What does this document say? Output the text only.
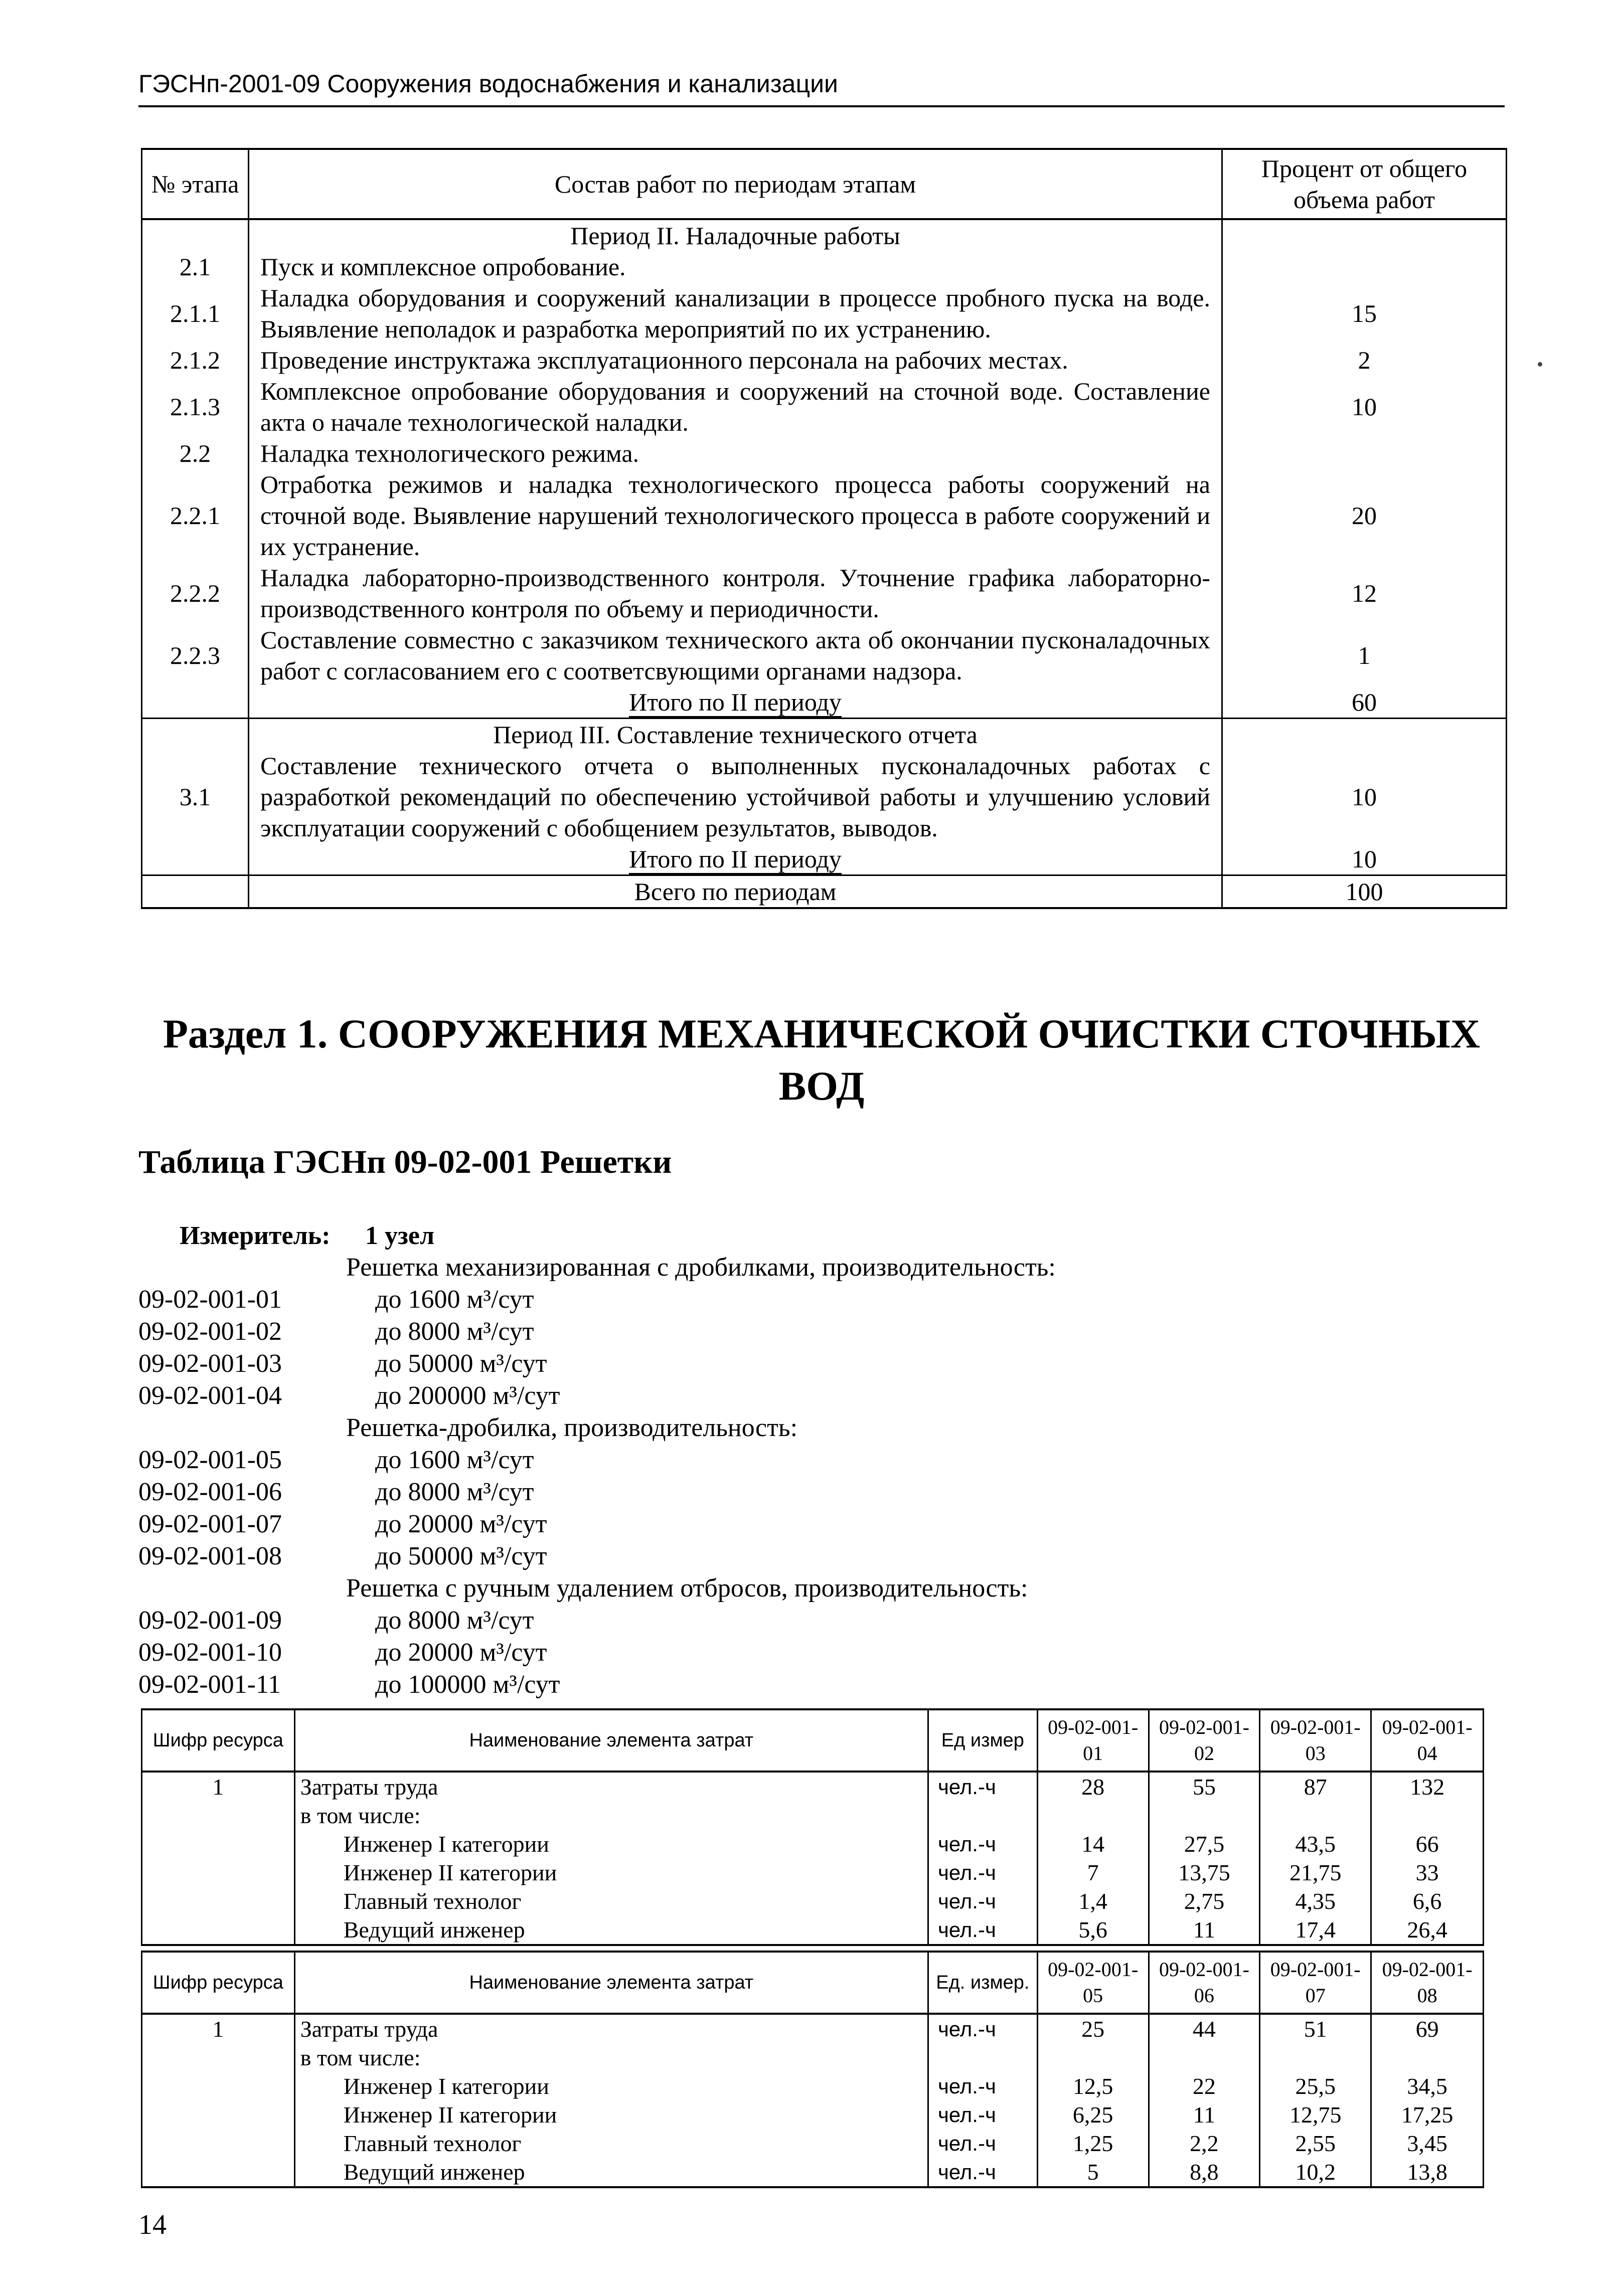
ГЭСНп-2001-09 Сооружения водоснабжения и канализации
№ этапа	Состав работ по периодам этапам	Процент от общего объема работ
	Период II. Наладочные работы	
2.1	Пуск и комплексное опробование.	
2.1.1	Наладка оборудования и сооружений канализации в процессе пробного пуска на воде. Выявление неполадок и разработка мероприятий по их устранению.	15
2.1.2	Проведение инструктажа эксплуатационного персонала на рабочих местах.	2
2.1.3	Комплексное опробование оборудования и сооружений на сточной воде. Составление акта о начале технологической наладки.	10
2.2	Наладка технологического режима.	
2.2.1	Отработка режимов и наладка технологического процесса работы сооружений на сточной воде. Выявление нарушений технологического процесса в работе сооружений и их устранение.	20
2.2.2	Наладка лабораторно-производственного контроля. Уточнение графика лабораторно-производственного контроля по объему и периодичности.	12
2.2.3	Составление совместно с заказчиком технического акта об окончании пусконаладочных работ с согласованием его с соответсвующими органами надзора.	1
	Итого по II периоду	60
	Период III. Составление технического отчета	
3.1	Составление технического отчета о выполненных пусконаладочных работах с разработкой рекомендаций по обеспечению устойчивой работы и улучшению условий эксплуатации сооружений с обобщением результатов, выводов.	10
	Итого по II периоду	10
	Всего по периодам	100
Раздел 1. СООРУЖЕНИЯ МЕХАНИЧЕСКОЙ ОЧИСТКИ СТОЧНЫХ ВОД
Таблица ГЭСНп 09-02-001 Решетки
Измеритель: 1 узел
Решетка механизированная с дробилками, производительность:
09-02-001-01	до 1600 м³/сут
09-02-001-02	до 8000 м³/сут
09-02-001-03	до 50000 м³/сут
09-02-001-04	до 200000 м³/сут
Решетка-дробилка, производительность:
09-02-001-05	до 1600 м³/сут
09-02-001-06	до 8000 м³/сут
09-02-001-07	до 20000 м³/сут
09-02-001-08	до 50000 м³/сут
Решетка с ручным удалением отбросов, производительность:
09-02-001-09	до 8000 м³/сут
09-02-001-10	до 20000 м³/сут
09-02-001-11	до 100000 м³/сут
Шифр ресурса	Наименование элемента затрат	Ед измер	09-02-001-01	09-02-001-02	09-02-001-03	09-02-001-04
1	Затраты труда	чел.-ч	28	55	87	132
	в том числе:					
	Инженер I категории	чел.-ч	14	27,5	43,5	66
	Инженер II категории	чел.-ч	7	13,75	21,75	33
	Главный технолог	чел.-ч	1,4	2,75	4,35	6,6
	Ведущий инженер	чел.-ч	5,6	11	17,4	26,4
Шифр ресурса	Наименование элемента затрат	Ед. измер.	09-02-001-05	09-02-001-06	09-02-001-07	09-02-001-08
1	Затраты труда	чел.-ч	25	44	51	69
	в том числе:					
	Инженер I категории	чел.-ч	12,5	22	25,5	34,5
	Инженер II категории	чел.-ч	6,25	11	12,75	17,25
	Главный технолог	чел.-ч	1,25	2,2	2,55	3,45
	Ведущий инженер	чел.-ч	5	8,8	10,2	13,8
14
